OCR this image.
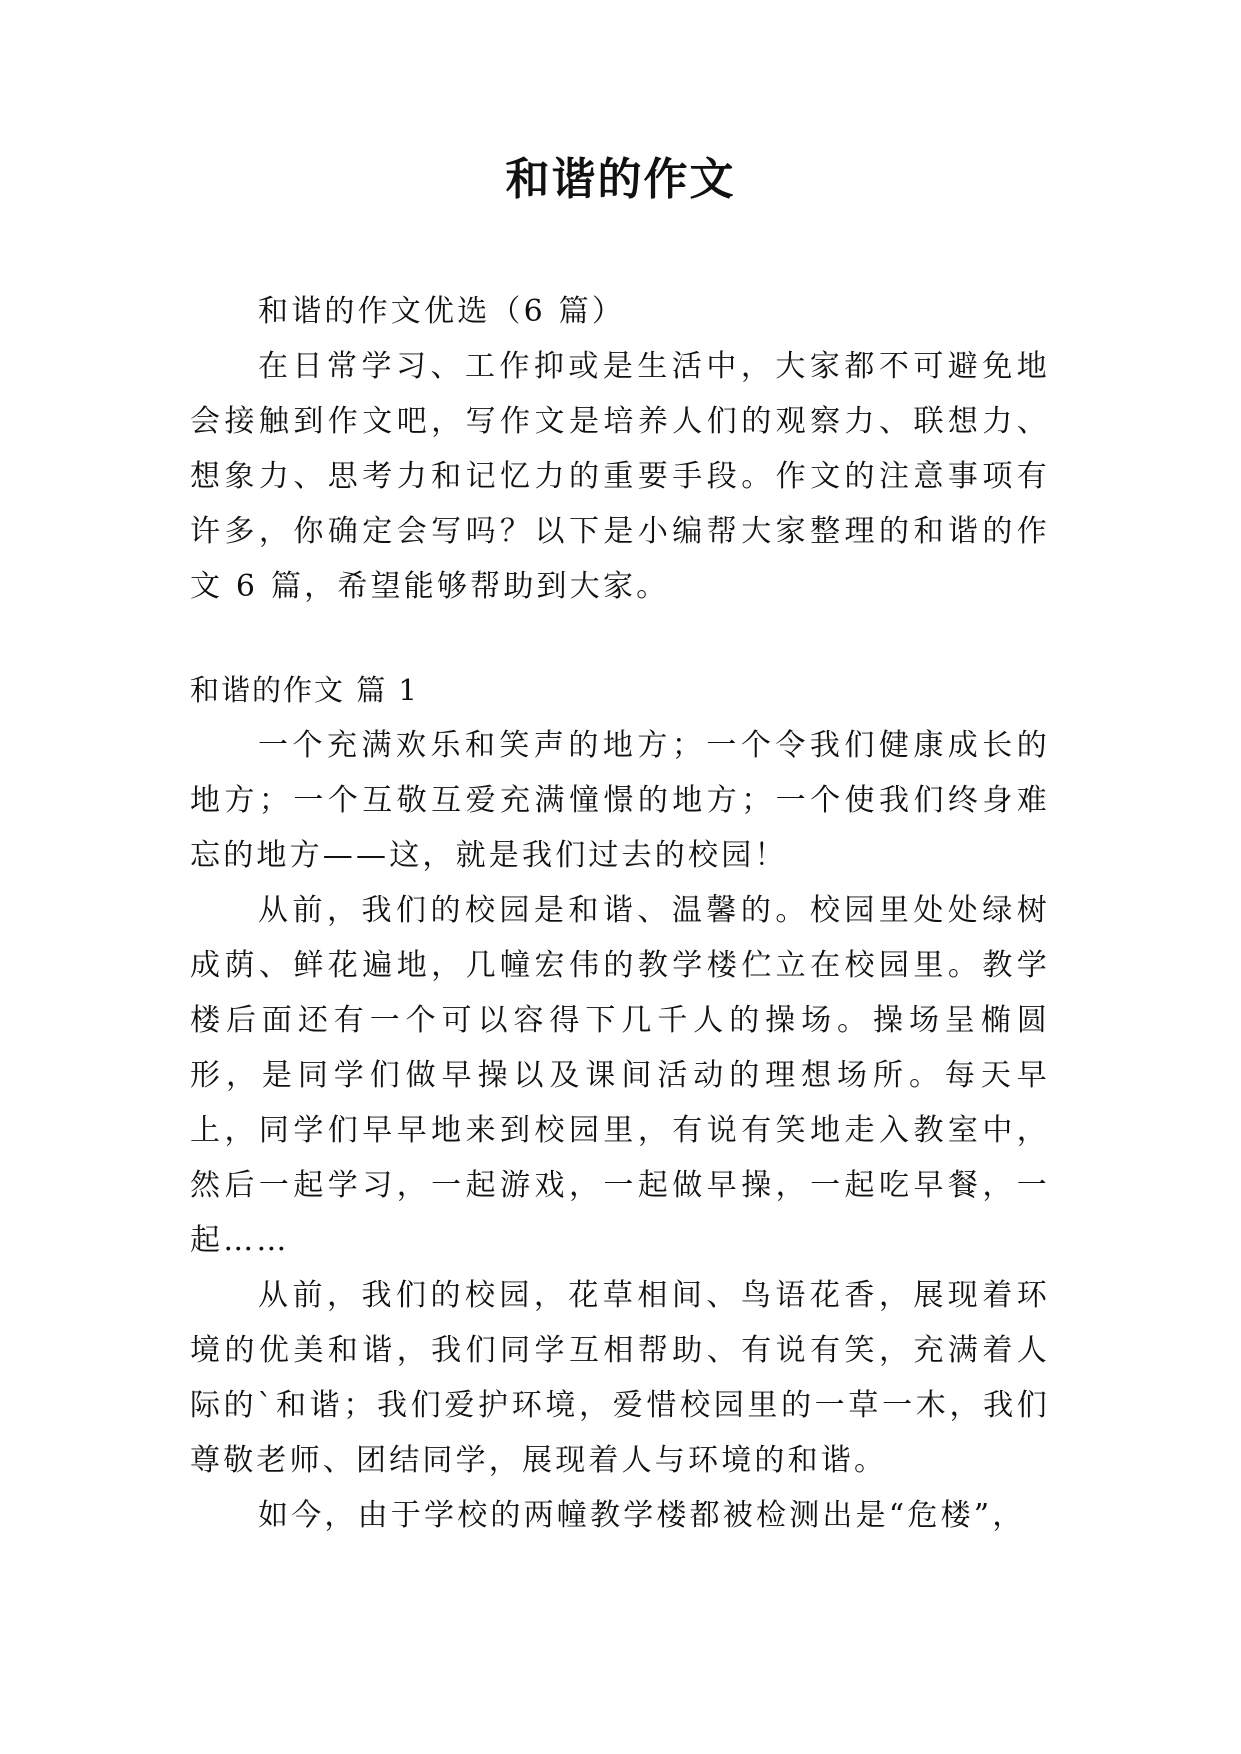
和谐的作文

和谐的作文优选（6 篇）

在日常学习、工作抑或是生活中，大家都不可避免地会接触到作文吧，写作文是培养人们的观察力、联想力、想象力、思考力和记忆力的重要手段。作文的注意事项有许多，你确定会写吗？以下是小编帮大家整理的和谐的作文 6 篇，希望能够帮助到大家。

和谐的作文 篇 1

一个充满欢乐和笑声的地方；一个令我们健康成长的地方；一个互敬互爱充满憧憬的地方；一个使我们终身难忘的地方——这，就是我们过去的校园！

从前，我们的校园是和谐、温馨的。校园里处处绿树成荫、鲜花遍地，几幢宏伟的教学楼伫立在校园里。教学楼后面还有一个可以容得下几千人的操场。操场呈椭圆形，是同学们做早操以及课间活动的理想场所。每天早上，同学们早早地来到校园里，有说有笑地走入教室中，然后一起学习，一起游戏，一起做早操，一起吃早餐，一起……

从前，我们的校园，花草相间、鸟语花香，展现着环境的优美和谐，我们同学互相帮助、有说有笑，充满着人际的`和谐；我们爱护环境，爱惜校园里的一草一木，我们尊敬老师、团结同学，展现着人与环境的和谐。

如今，由于学校的两幢教学楼都被检测出是“危楼”，
